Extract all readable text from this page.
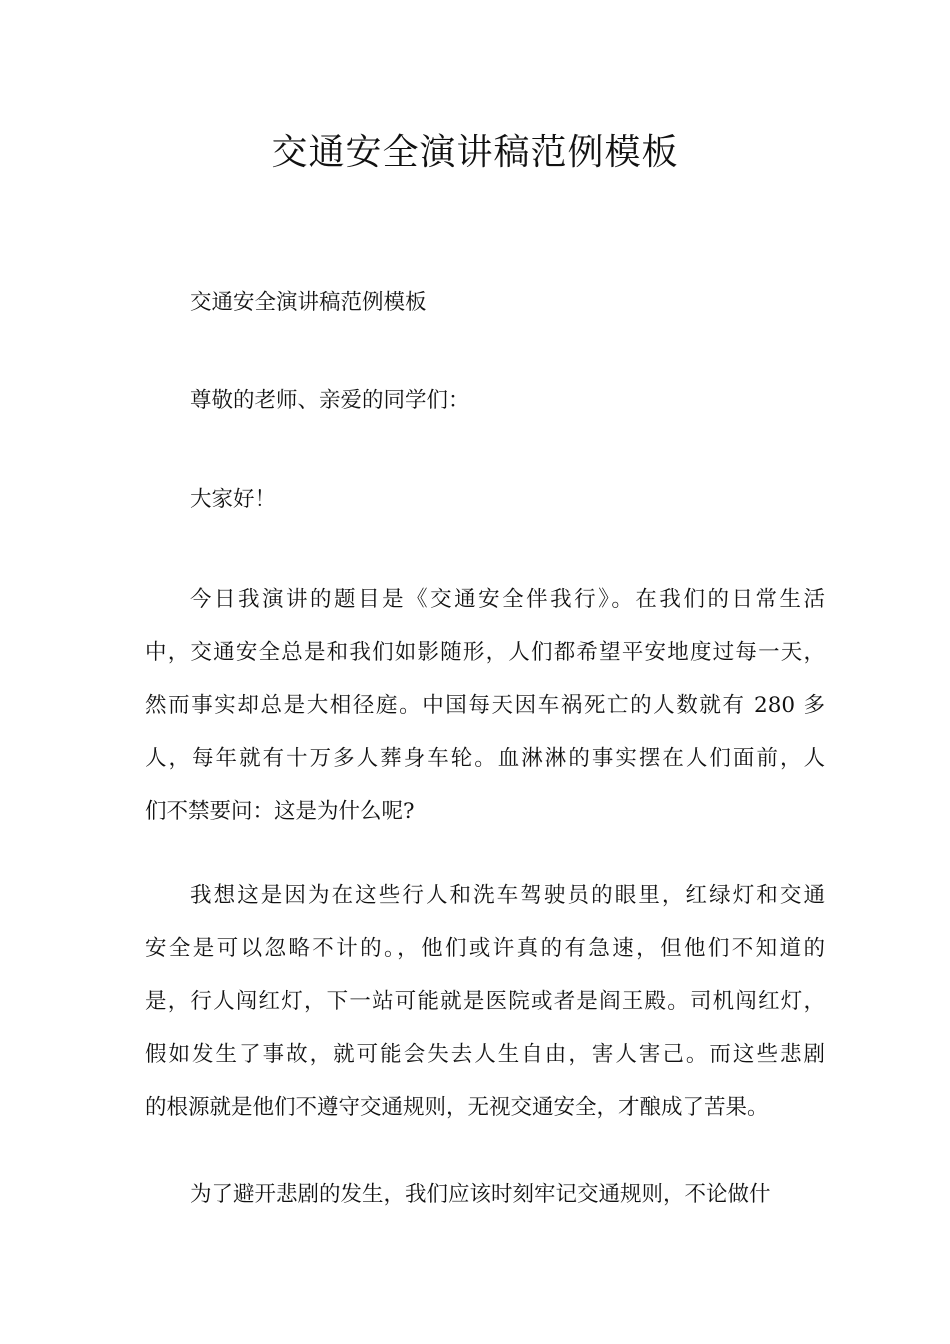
交通安全演讲稿范例模板
交通安全演讲稿范例模板
尊敬的老师、亲爱的同学们：
大家好！
今日我演讲的题目是《交通安全伴我行》。在我们的日常生活
中，交通安全总是和我们如影随形，人们都希望平安地度过每一天，
然而事实却总是大相径庭。中国每天因车祸死亡的人数就有 280 多
人，每年就有十万多人葬身车轮。血淋淋的事实摆在人们面前，人
们不禁要问：这是为什么呢?
我想这是因为在这些行人和洗车驾驶员的眼里，红绿灯和交通
安全是可以忽略不计的。，他们或许真的有急速，但他们不知道的
是，行人闯红灯，下一站可能就是医院或者是阎王殿。司机闯红灯，
假如发生了事故，就可能会失去人生自由，害人害己。而这些悲剧
的根源就是他们不遵守交通规则，无视交通安全，才酿成了苦果。
为了避开悲剧的发生，我们应该时刻牢记交通规则，不论做什
